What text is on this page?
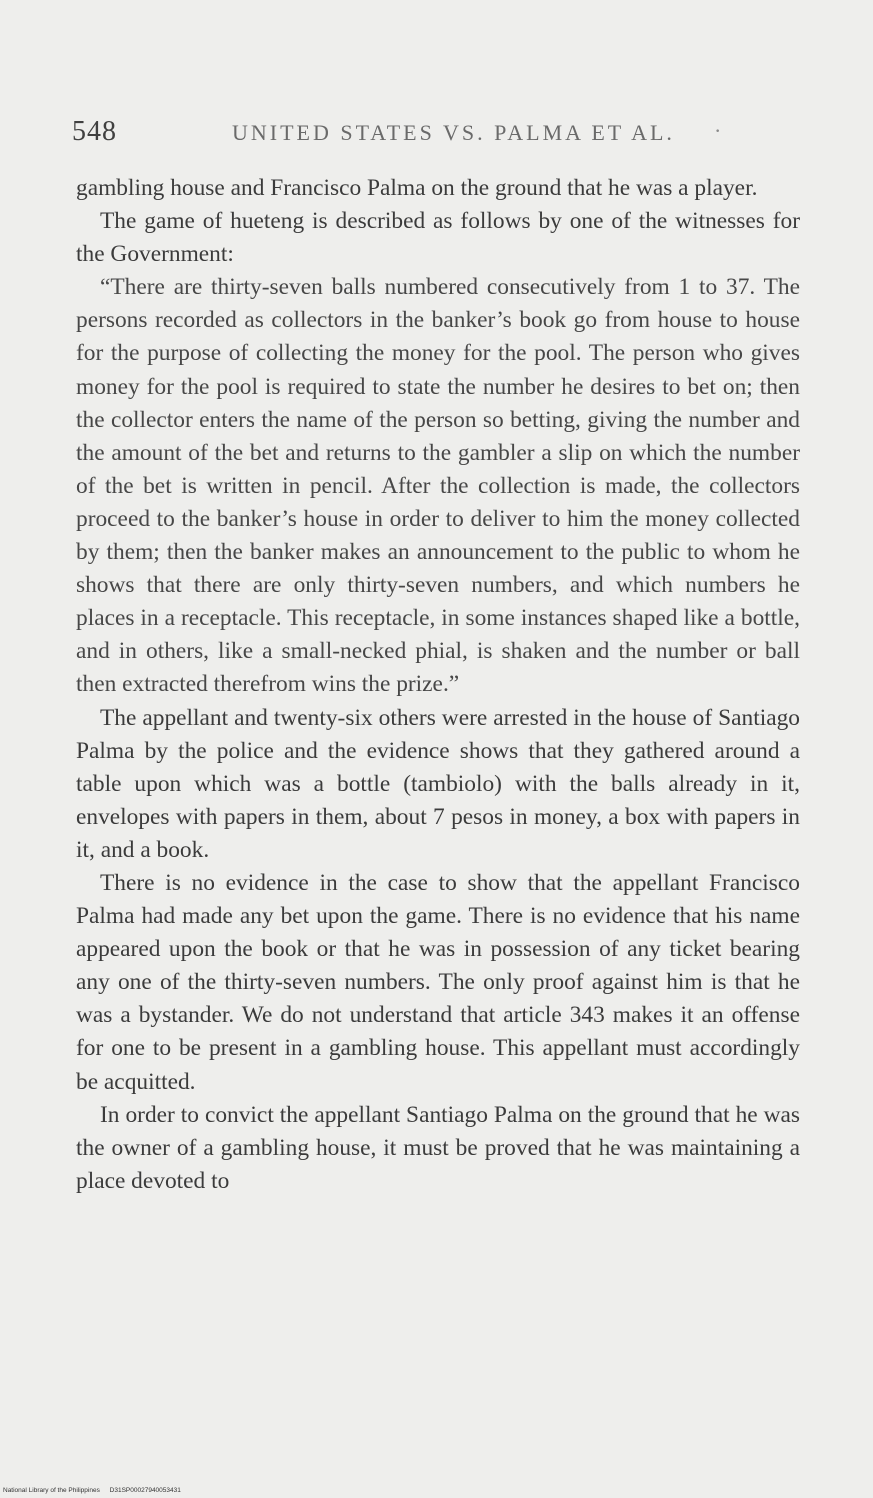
548	UNITED STATES VS. PALMA ET AL. ·

gambling house and Francisco Palma on the ground that he was a player.

The game of hueteng is described as follows by one of the witnesses for the Government:

“There are thirty-seven balls numbered consecutively from 1 to 37. The persons recorded as collectors in the banker’s book go from house to house for the purpose of collecting the money for the pool. The person who gives money for the pool is required to state the number he desires to bet on; then the collector enters the name of the person so betting, giving the number and the amount of the bet and returns to the gambler a slip on which the number of the bet is written in pencil. After the collection is made, the collectors proceed to the banker’s house in order to deliver to him the money collected by them; then the banker makes an announcement to the public to whom he shows that there are only thirty-seven numbers, and which numbers he places in a receptacle. This receptacle, in some instances shaped like a bottle, and in others, like a small-necked phial, is shaken and the number or ball then extracted therefrom wins the prize.”

The appellant and twenty-six others were arrested in the house of Santiago Palma by the police and the evidence shows that they gathered around a table upon which was a bottle (tambiolo) with the balls already in it, envelopes with papers in them, about 7 pesos in money, a box with papers in it, and a book.

There is no evidence in the case to show that the appellant Francisco Palma had made any bet upon the game. There is no evidence that his name appeared upon the book or that he was in possession of any ticket bearing any one of the thirty-seven numbers. The only proof against him is that he was a bystander. We do not understand that article 343 makes it an offense for one to be present in a gambling house. This appellant must accordingly be acquitted.

In order to convict the appellant Santiago Palma on the ground that he was the owner of a gambling house, it must be proved that he was maintaining a place devoted to

National Library of the Philippines D31SP00027940053431
